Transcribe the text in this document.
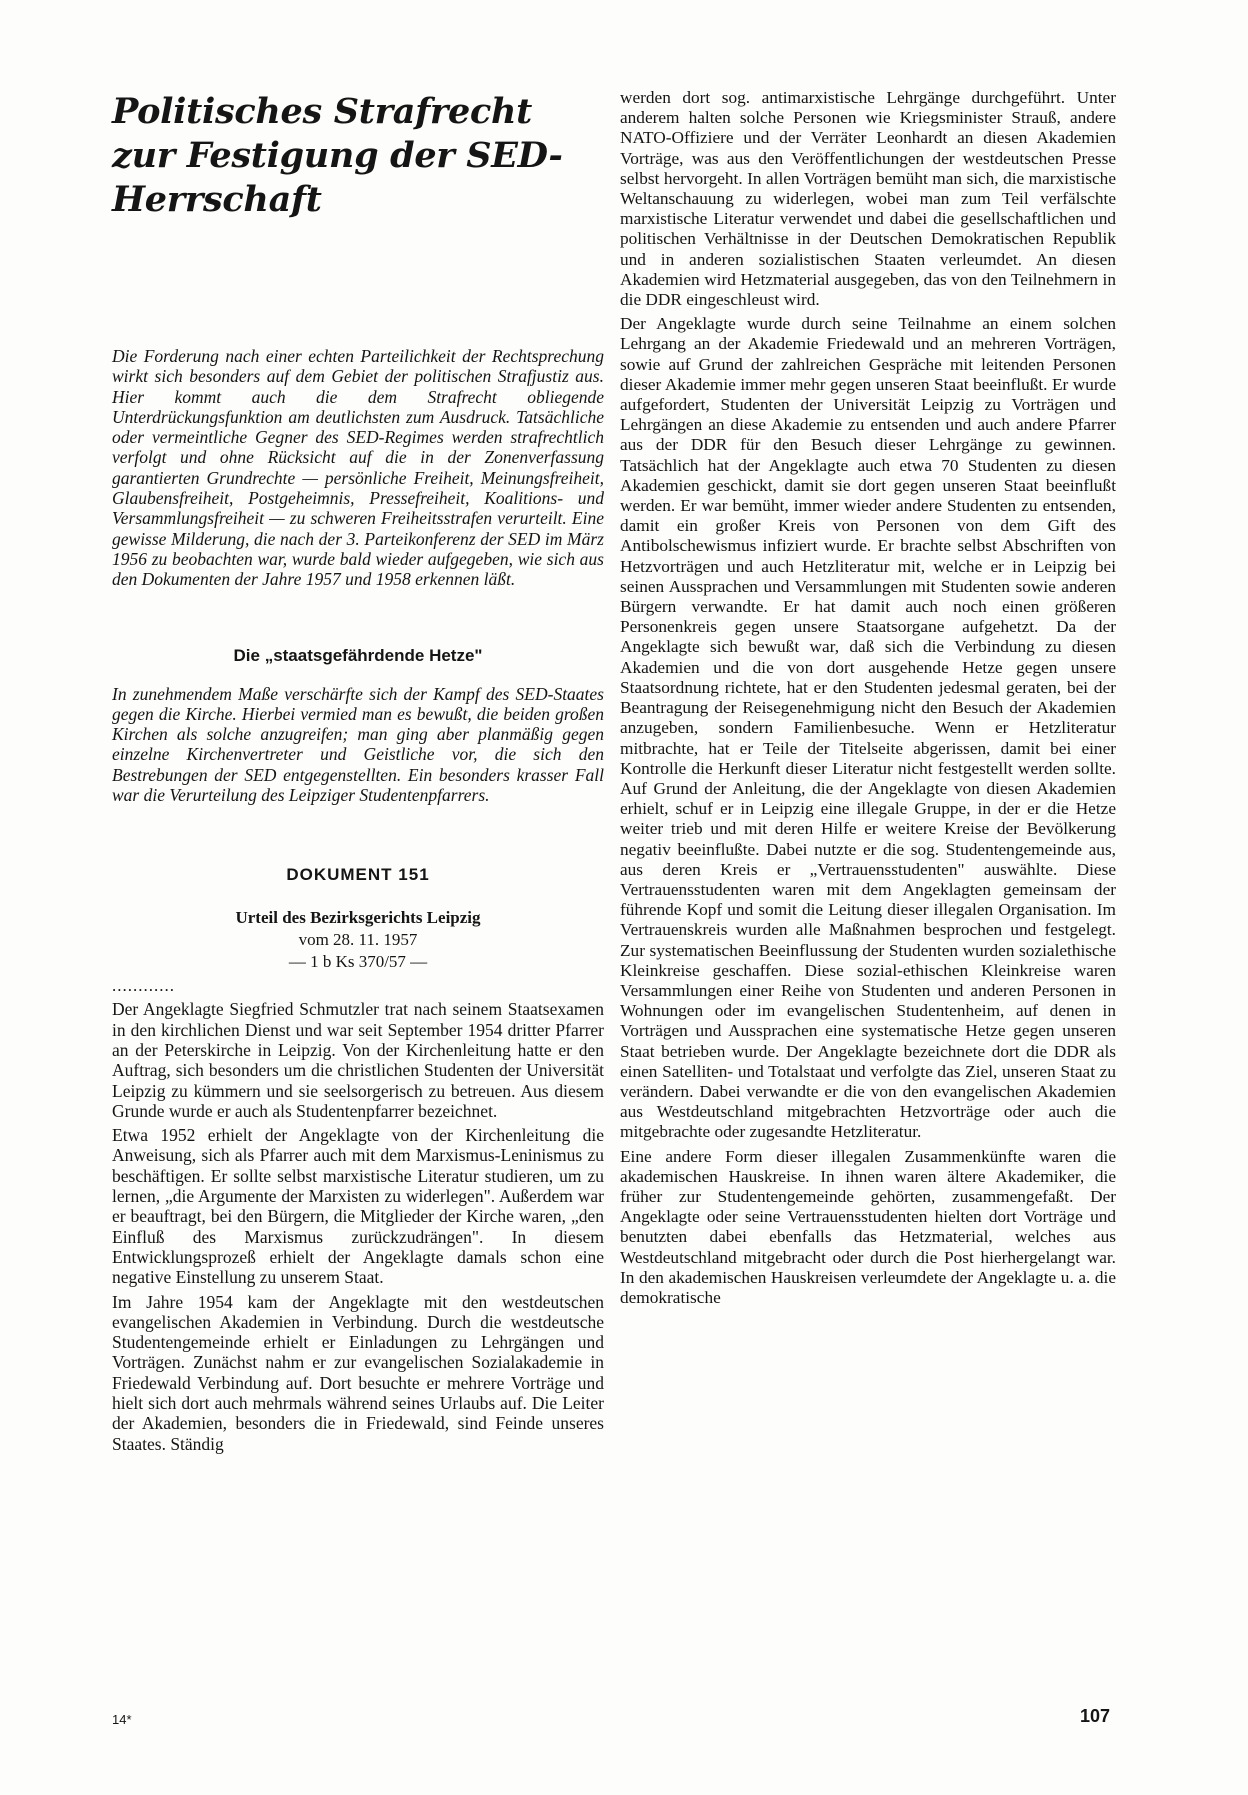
Politisches Strafrecht zur Festigung der SED-Herrschaft

Die Forderung nach einer echten Parteilichkeit der Rechtsprechung wirkt sich besonders auf dem Gebiet der politischen Strafjustiz aus. Hier kommt auch die dem Strafrecht obliegende Unterdrückungsfunktion am deutlichsten zum Ausdruck. Tatsächliche oder vermeintliche Gegner des SED-Regimes werden strafrechtlich verfolgt und ohne Rücksicht auf die in der Zonenverfassung garantierten Grundrechte — persönliche Freiheit, Meinungsfreiheit, Glaubensfreiheit, Postgeheimnis, Pressefreiheit, Koalitions- und Versammlungsfreiheit — zu schweren Freiheitsstrafen verurteilt. Eine gewisse Milderung, die nach der 3. Parteikonferenz der SED im März 1956 zu beobachten war, wurde bald wieder aufgegeben, wie sich aus den Dokumenten der Jahre 1957 und 1958 erkennen läßt.

Die „staatsgefährdende Hetze"

In zunehmendem Maße verschärfte sich der Kampf des SED-Staates gegen die Kirche. Hierbei vermied man es bewußt, die beiden großen Kirchen als solche anzugreifen; man ging aber planmäßig gegen einzelne Kirchenvertreter und Geistliche vor, die sich den Bestrebungen der SED entgegenstellten. Ein besonders krasser Fall war die Verurteilung des Leipziger Studentenpfarrers.

DOKUMENT 151
Urteil des Bezirksgerichts Leipzig
vom 28. 11. 1957
— 1 b Ks 370/57 —
............

Der Angeklagte Siegfried Schmutzler trat nach seinem Staatsexamen in den kirchlichen Dienst und war seit September 1954 dritter Pfarrer an der Peterskirche in Leipzig. Von der Kirchenleitung hatte er den Auftrag, sich besonders um die christlichen Studenten der Universität Leipzig zu kümmern und sie seelsorgerisch zu betreuen. Aus diesem Grunde wurde er auch als Studentenpfarrer bezeichnet.

Etwa 1952 erhielt der Angeklagte von der Kirchenleitung die Anweisung, sich als Pfarrer auch mit dem Marxismus-Leninismus zu beschäftigen. Er sollte selbst marxistische Literatur studieren, um zu lernen, „die Argumente der Marxisten zu widerlegen". Außerdem war er beauftragt, bei den Bürgern, die Mitglieder der Kirche waren, „den Einfluß des Marxismus zurückzudrängen". In diesem Entwicklungsprozeß erhielt der Angeklagte damals schon eine negative Einstellung zu unserem Staat.

Im Jahre 1954 kam der Angeklagte mit den westdeutschen evangelischen Akademien in Verbindung. Durch die westdeutsche Studentengemeinde erhielt er Einladungen zu Lehrgängen und Vorträgen. Zunächst nahm er zur evangelischen Sozialakademie in Friedewald Verbindung auf. Dort besuchte er mehrere Vorträge und hielt sich dort auch mehrmals während seines Urlaubs auf. Die Leiter der Akademien, besonders die in Friedewald, sind Feinde unseres Staates. Ständig

werden dort sog. antimarxistische Lehrgänge durchgeführt. Unter anderem halten solche Personen wie Kriegsminister Strauß, andere NATO-Offiziere und der Verräter Leonhardt an diesen Akademien Vorträge, was aus den Veröffentlichungen der westdeutschen Presse selbst hervorgeht. In allen Vorträgen bemüht man sich, die marxistische Weltanschauung zu widerlegen, wobei man zum Teil verfälschte marxistische Literatur verwendet und dabei die gesellschaftlichen und politischen Verhältnisse in der Deutschen Demokratischen Republik und in anderen sozialistischen Staaten verleumdet. An diesen Akademien wird Hetzmaterial ausgegeben, das von den Teilnehmern in die DDR eingeschleust wird.

Der Angeklagte wurde durch seine Teilnahme an einem solchen Lehrgang an der Akademie Friedewald und an mehreren Vorträgen, sowie auf Grund der zahlreichen Gespräche mit leitenden Personen dieser Akademie immer mehr gegen unseren Staat beeinflußt. Er wurde aufgefordert, Studenten der Universität Leipzig zu Vorträgen und Lehrgängen an diese Akademie zu entsenden und auch andere Pfarrer aus der DDR für den Besuch dieser Lehrgänge zu gewinnen. Tatsächlich hat der Angeklagte auch etwa 70 Studenten zu diesen Akademien geschickt, damit sie dort gegen unseren Staat beeinflußt werden. Er war bemüht, immer wieder andere Studenten zu entsenden, damit ein großer Kreis von Personen von dem Gift des Antibolschewismus infiziert wurde. Er brachte selbst Abschriften von Hetzvorträgen und auch Hetzliteratur mit, welche er in Leipzig bei seinen Aussprachen und Versammlungen mit Studenten sowie anderen Bürgern verwandte. Er hat damit auch noch einen größeren Personenkreis gegen unsere Staatsorgane aufgehetzt. Da der Angeklagte sich bewußt war, daß sich die Verbindung zu diesen Akademien und die von dort ausgehende Hetze gegen unsere Staatsordnung richtete, hat er den Studenten jedesmal geraten, bei der Beantragung der Reisegenehmigung nicht den Besuch der Akademien anzugeben, sondern Familienbesuche. Wenn er Hetzliteratur mitbrachte, hat er Teile der Titelseite abgerissen, damit bei einer Kontrolle die Herkunft dieser Literatur nicht festgestellt werden sollte. Auf Grund der Anleitung, die der Angeklagte von diesen Akademien erhielt, schuf er in Leipzig eine illegale Gruppe, in der er die Hetze weiter trieb und mit deren Hilfe er weitere Kreise der Bevölkerung negativ beeinflußte. Dabei nutzte er die sog. Studentengemeinde aus, aus deren Kreis er „Vertrauensstudenten" auswählte. Diese Vertrauensstudenten waren mit dem Angeklagten gemeinsam der führende Kopf und somit die Leitung dieser illegalen Organisation. Im Vertrauenskreis wurden alle Maßnahmen besprochen und festgelegt. Zur systematischen Beeinflussung der Studenten wurden sozialethische Kleinkreise geschaffen. Diese sozial-ethischen Kleinkreise waren Versammlungen einer Reihe von Studenten und anderen Personen in Wohnungen oder im evangelischen Studentenheim, auf denen in Vorträgen und Aussprachen eine systematische Hetze gegen unseren Staat betrieben wurde. Der Angeklagte bezeichnete dort die DDR als einen Satelliten- und Totalstaat und verfolgte das Ziel, unseren Staat zu verändern. Dabei verwandte er die von den evangelischen Akademien aus Westdeutschland mitgebrachten Hetzvorträge oder auch die mitgebrachte oder zugesandte Hetzliteratur.

Eine andere Form dieser illegalen Zusammenkünfte waren die akademischen Hauskreise. In ihnen waren ältere Akademiker, die früher zur Studentengemeinde gehörten, zusammengefaßt. Der Angeklagte oder seine Vertrauensstudenten hielten dort Vorträge und benutzten dabei ebenfalls das Hetzmaterial, welches aus Westdeutschland mitgebracht oder durch die Post hierhergelangt war. In den akademischen Hauskreisen verleumdete der Angeklagte u. a. die demokratische

14*	107
